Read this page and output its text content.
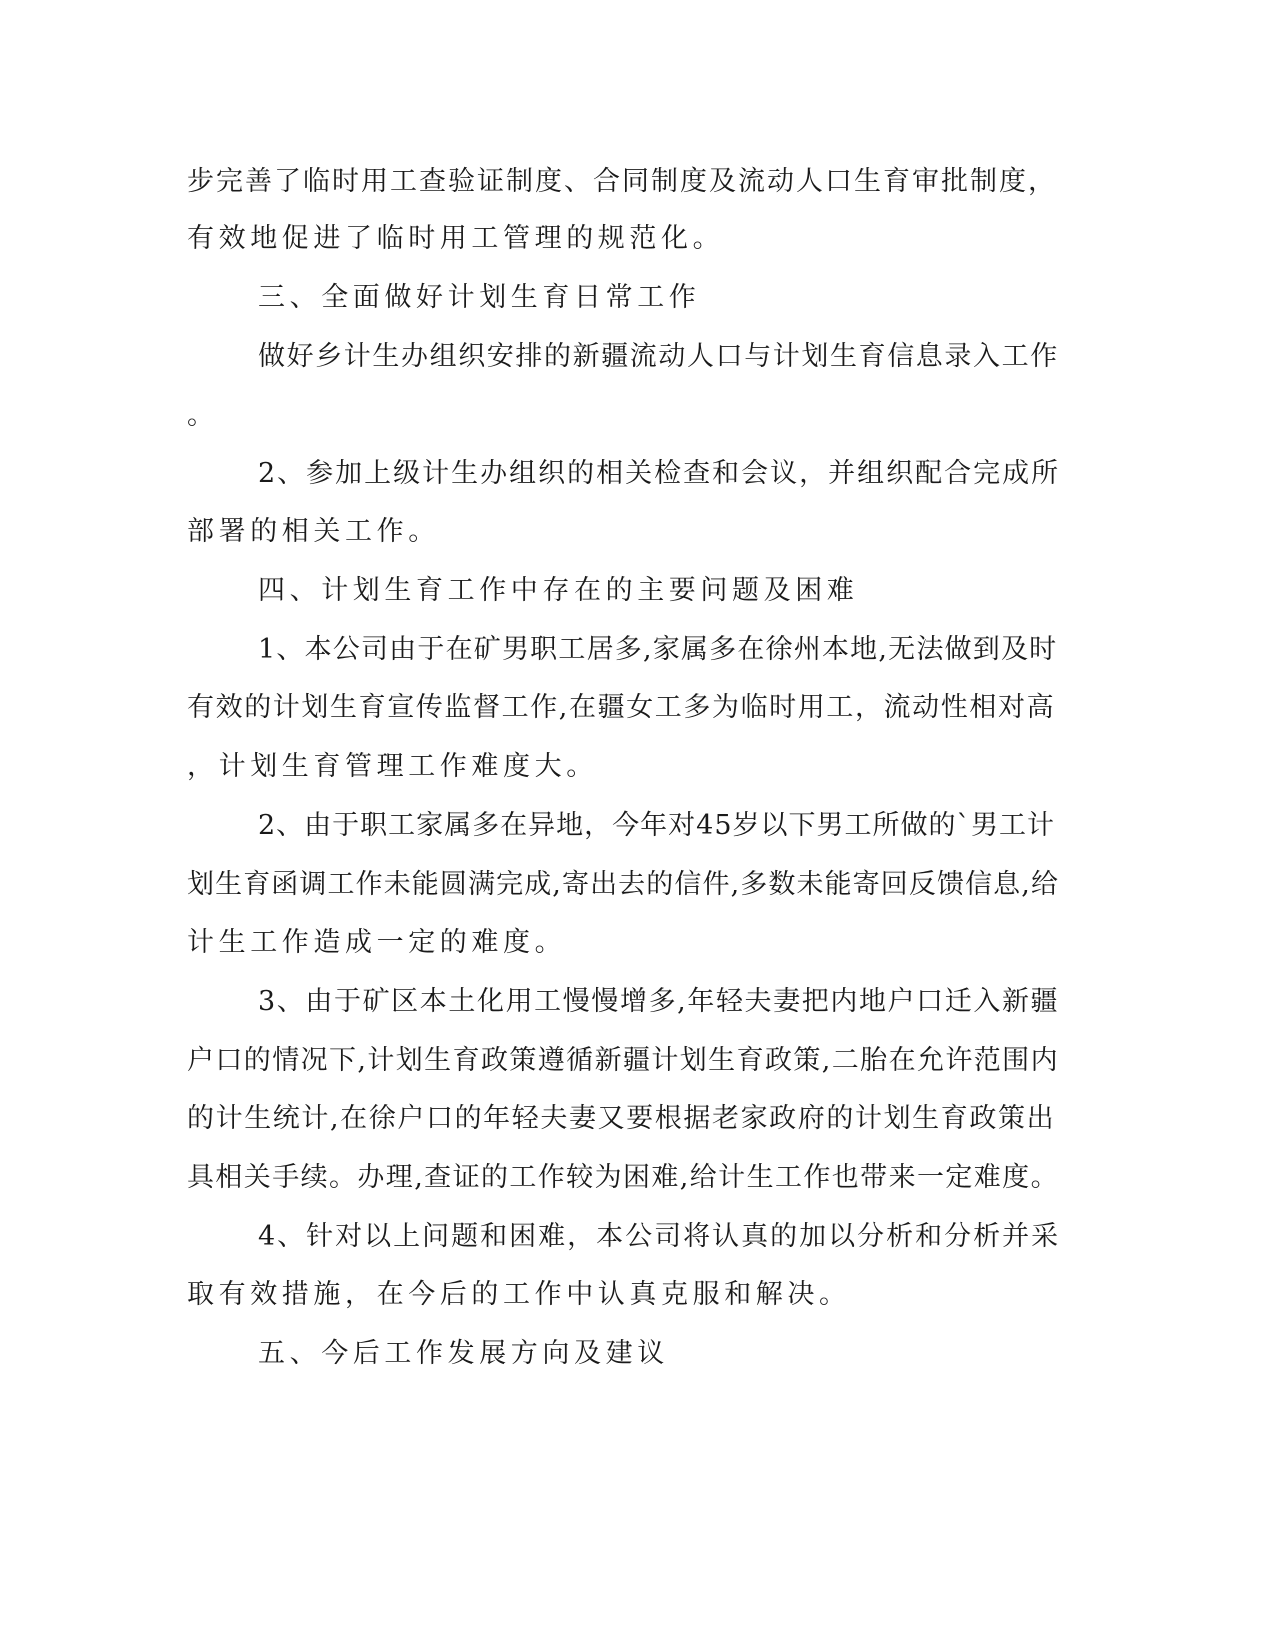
步完善了临时用工查验证制度、合同制度及流动人口生育审批制度，
有效地促进了临时用工管理的规范化。
三、全面做好计划生育日常工作
做好乡计生办组织安排的新疆流动人口与计划生育信息录入工作
。
2、参加上级计生办组织的相关检查和会议，并组织配合完成所
部署的相关工作。
四、计划生育工作中存在的主要问题及困难
1、本公司由于在矿男职工居多,家属多在徐州本地,无法做到及时
有效的计划生育宣传监督工作,在疆女工多为临时用工，流动性相对高
，计划生育管理工作难度大。
2、由于职工家属多在异地，今年对45岁以下男工所做的`男工计
划生育函调工作未能圆满完成,寄出去的信件,多数未能寄回反馈信息,给
计生工作造成一定的难度。
3、由于矿区本土化用工慢慢增多,年轻夫妻把内地户口迁入新疆
户口的情况下,计划生育政策遵循新疆计划生育政策,二胎在允许范围内
的计生统计,在徐户口的年轻夫妻又要根据老家政府的计划生育政策出
具相关手续。办理,查证的工作较为困难,给计生工作也带来一定难度。
4、针对以上问题和困难，本公司将认真的加以分析和分析并采
取有效措施，在今后的工作中认真克服和解决。
五、今后工作发展方向及建议
